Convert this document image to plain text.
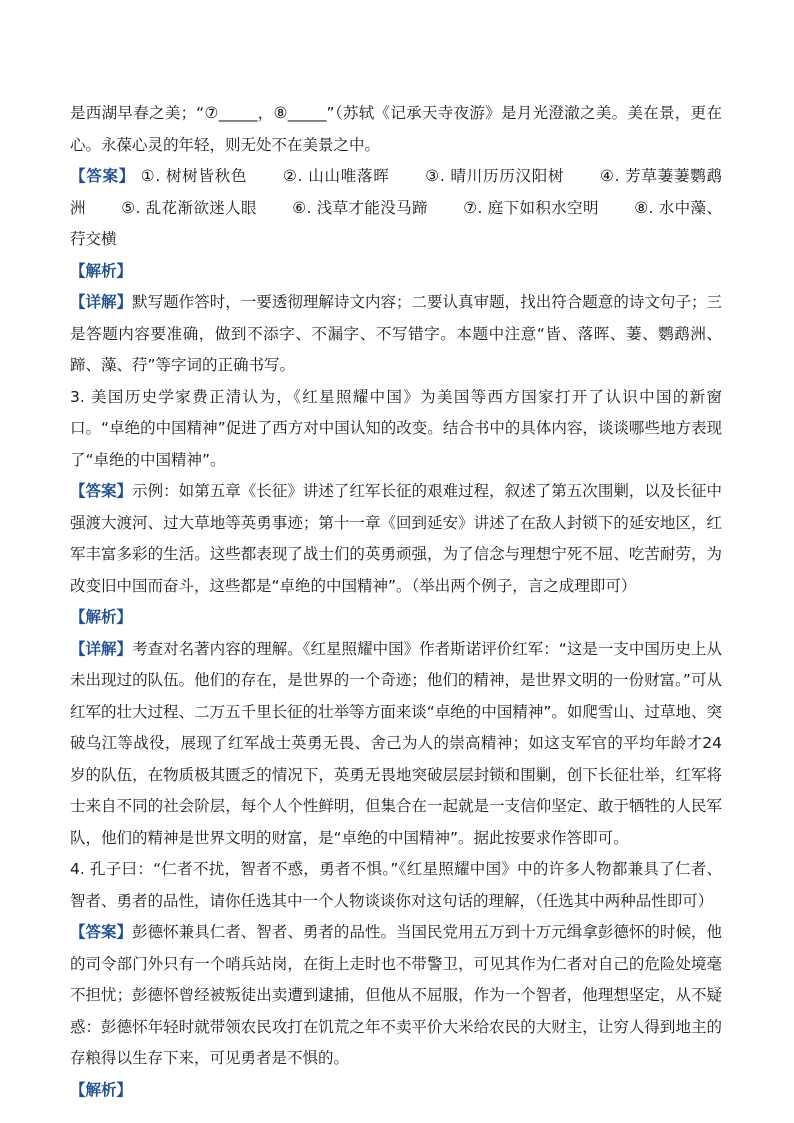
是西湖早春之美；“⑦_____，⑧_____”（苏轼《记承天寺夜游》是月光澄澈之美。美在景，更在心。永葆心灵的年轻，则无处不在美景之中。

【答案】 ①. 树树皆秋色 ②. 山山唯落晖 ③. 晴川历历汉阳树 ④. 芳草萋萋鹦鹉洲 ⑤. 乱花渐欲迷人眼 ⑥. 浅草才能没马蹄 ⑦. 庭下如积水空明 ⑧. 水中藻、荇交横

【解析】

【详解】默写题作答时，一要透彻理解诗文内容；二要认真审题，找出符合题意的诗文句子；三是答题内容要准确，做到不添字、不漏字、不写错字。本题中注意“皆、落晖、萋、鹦鹉洲、蹄、藻、荇”等字词的正确书写。

3. 美国历史学家费正清认为，《红星照耀中国》为美国等西方国家打开了认识中国的新窗口。“卓绝的中国精神”促进了西方对中国认知的改变。结合书中的具体内容，谈谈哪些地方表现了“卓绝的中国精神”。

【答案】示例：如第五章《长征》讲述了红军长征的艰难过程，叙述了第五次围剿，以及长征中强渡大渡河、过大草地等英勇事迹；第十一章《回到延安》讲述了在敌人封锁下的延安地区，红军丰富多彩的生活。这些都表现了战士们的英勇顽强，为了信念与理想宁死不屈、吃苦耐劳，为改变旧中国而奋斗，这些都是“卓绝的中国精神”。（举出两个例子，言之成理即可）

【解析】

【详解】考查对名著内容的理解。《红星照耀中国》作者斯诺评价红军：“这是一支中国历史上从未出现过的队伍。他们的存在，是世界的一个奇迹；他们的精神，是世界文明的一份财富。”可从红军的壮大过程、二万五千里长征的壮举等方面来谈“卓绝的中国精神”。如爬雪山、过草地、突破乌江等战役，展现了红军战士英勇无畏、舍己为人的崇高精神；如这支军官的平均年龄才24岁的队伍，在物质极其匮乏的情况下，英勇无畏地突破层层封锁和围剿，创下长征壮举，红军将士来自不同的社会阶层，每个人个性鲜明，但集合在一起就是一支信仰坚定、敢于牺牲的人民军队，他们的精神是世界文明的财富，是“卓绝的中国精神”。据此按要求作答即可。

4. 孔子曰：“仁者不扰，智者不惑，勇者不惧。”《红星照耀中国》中的许多人物都兼具了仁者、智者、勇者的品性，请你任选其中一个人物谈谈你对这句话的理解，（任选其中两种品性即可）

【答案】彭德怀兼具仁者、智者、勇者的品性。当国民党用五万到十万元缉拿彭德怀的时候，他的司令部门外只有一个哨兵站岗，在街上走时也不带警卫，可见其作为仁者对自己的危险处境毫不担忧；彭德怀曾经被叛徒出卖遭到逮捕，但他从不屈服，作为一个智者，他理想坚定，从不疑惑：彭德怀年轻时就带领农民攻打在饥荒之年不卖平价大米给农民的大财主，让穷人得到地主的存粮得以生存下来，可见勇者是不惧的。

【解析】
